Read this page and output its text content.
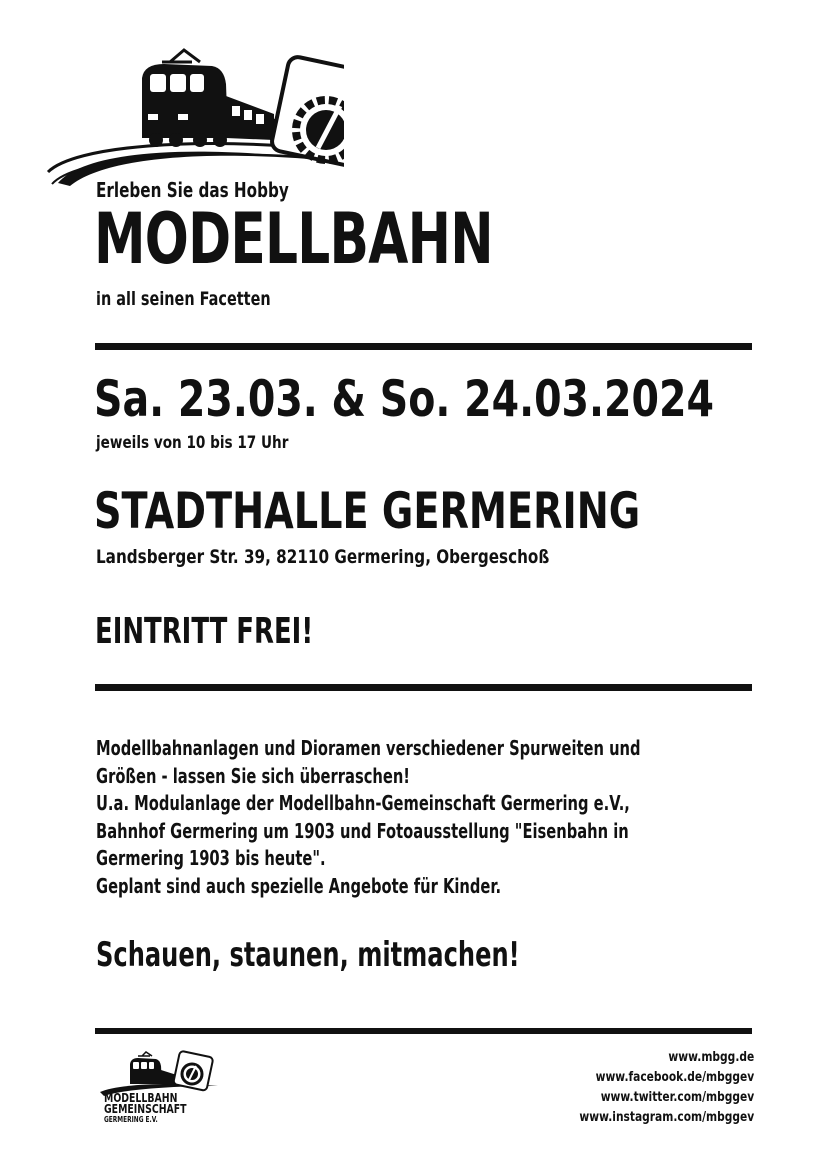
Erleben Sie das Hobby
MODELLBAHN
in all seinen Facetten
Sa. 23.03. & So. 24.03.2024
jeweils von 10 bis 17 Uhr
STADTHALLE GERMERING
Landsberger Str. 39, 82110 Germering, Obergeschoß
EINTRITT FREI!
Modellbahnanlagen und Dioramen verschiedener Spurweiten und
Größen - lassen Sie sich überraschen!
U.a. Modulanlage der Modellbahn-Gemeinschaft Germering e.V.,
Bahnhof Germering um 1903 und Fotoausstellung "Eisenbahn in
Germering 1903 bis heute".
Geplant sind auch spezielle Angebote für Kinder.
Schauen, staunen, mitmachen!
MODELLBAHN
GEMEINSCHAFT
GERMERING E.V.
www.mbgg.de
www.facebook.de/mbggev
www.twitter.com/mbggev
www.instagram.com/mbggev
